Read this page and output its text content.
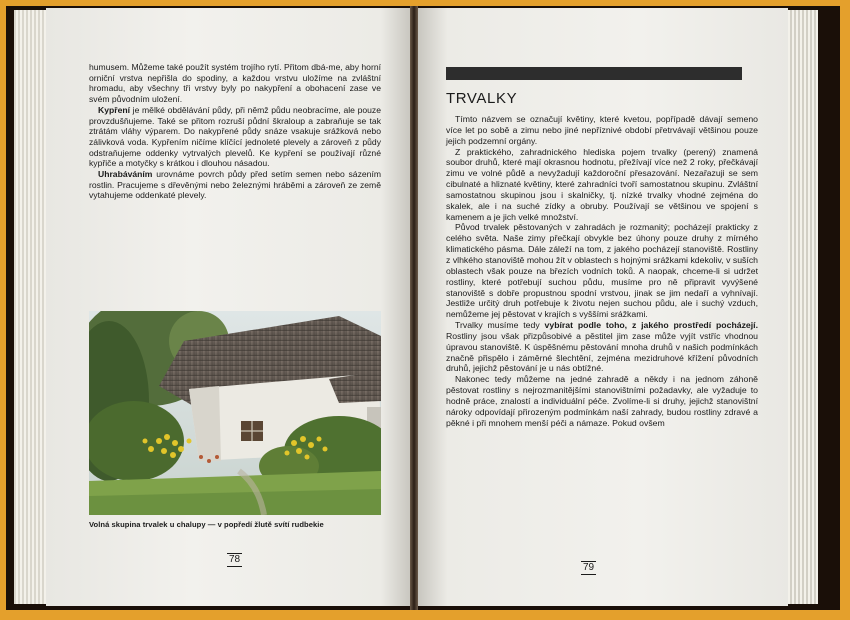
humusem. Můžeme také použít systém trojího rytí. Přitom dbá-me, aby horní orniční vrstva nepřišla do spodiny, a každou vrstvu uložíme na zvláštní hromadu, aby všechny tři vrstvy byly po nakypření a obohacení zase ve svém původním uložení.

Kypření je mělké obdělávání půdy, při němž půdu neobracíme, ale pouze provzdušňujeme. Také se přitom rozruší půdní škraloup a zabraňuje se tak ztrátám vláhy výparem. Do nakypřené půdy snáze vsakuje srážková nebo zálivková voda. Kypřením ničíme klíčící jednoleté plevely a zároveň z půdy odstraňujeme oddenky vytrvalých plevelů. Ke kypření se používají různé kypřiče a motyčky s krátkou i dlouhou násadou.

Uhrabáváním urovnáme povrch půdy před setím semen nebo sázením rostlin. Pracujeme s dřevěnými nebo železnými hráběmi a zároveň ze země vytahujeme oddenkaté plevely.

Volná skupina trvalek u chalupy — v popředí žlutě svítí rudbekie
78
TRVALKY

Tímto názvem se označují květiny, které kvetou, popřípadě dávají semeno více let po sobě a zimu nebo jiné nepříznivé období přetrvávají většinou pouze jejich podzemní orgány.

Z praktického, zahradnického hlediska pojem trvalky (perený) znamená soubor druhů, které mají okrasnou hodnotu, přežívají více než 2 roky, přečkávají zimu ve volné půdě a nevyžadují každoroční přesazování. Nezařazuji se sem cibulnaté a hliznaté květiny, které zahradníci tvoří samostatnou skupinu. Zvláštní samostatnou skupinou jsou i skalničky, tj. nízké trvalky vhodné zejména do skalek, ale i na suché zídky a obruby. Používají se většinou ve spojení s kamenem a je jich velké množství.

Původ trvalek pěstovaných v zahradách je rozmanitý; pocházejí prakticky z celého světa. Naše zimy přečkají obvykle bez úhony pouze druhy z mírného klimatického pásma. Dále záleží na tom, z jakého pocházejí stanoviště. Rostliny z vlhkého stanoviště mohou žít v oblastech s hojnými srážkami kdekoliv, v suších oblastech však pouze na březích vodních toků. A naopak, chceme-li si udržet rostliny, které potřebují suchou půdu, musíme pro ně připravit vyvýšené stanoviště s dobře propustnou spodní vrstvou, jinak se jim nedaří a vyhnívají. Jestliže určitý druh potřebuje k životu nejen suchou půdu, ale i suchý vzduch, nemůžeme jej pěstovat v krajích s vyššími srážkami.

Trvalky musíme tedy vybírat podle toho, z jakého prostředí pocházejí. Rostliny jsou však přizpůsobivé a pěstitel jim zase může vyjít vstříc vhodnou úpravou stanoviště. K úspěšnému pěstování mnoha druhů v našich podmínkách značně přispělo i záměrné šlechtění, zejména mezidruhové křížení původních druhů, jejichž pěstování je u nás obtížné.

Nakonec tedy můžeme na jedné zahradě a někdy i na jednom záhoně pěstovat rostliny s nejrozmanitějšími stanovištními požadavky, ale vyžaduje to hodně práce, znalostí a individuální péče. Zvolíme-li si druhy, jejichž stanovištní nároky odpovídají přirozeným podmínkám naší zahrady, budou rostliny zdravé a pěkné i při mnohem menší péči a námaze. Pokud ovšem

79
